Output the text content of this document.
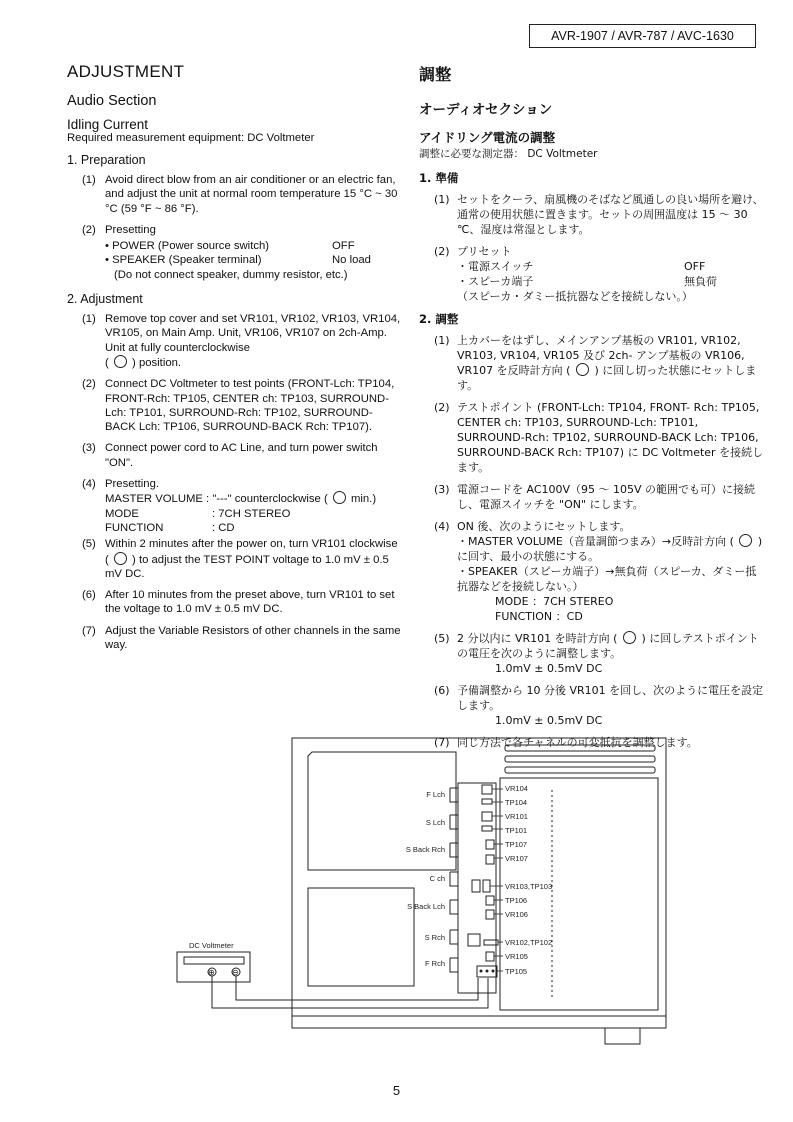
AVR-1907 / AVR-787 / AVC-1630
ADJUSTMENT
Audio Section
Idling Current
Required measurement equipment: DC Voltmeter
1. Preparation
(1) Avoid direct blow from an air conditioner or an electric fan, and adjust the unit at normal room temperature 15 °C ~ 30 °C (59 °F ~ 86 °F).
(2) Presetting
• POWER (Power source switch)	OFF
• SPEAKER (Speaker terminal)	No load
(Do not connect speaker, dummy resistor, etc.)
2. Adjustment
(1) Remove top cover and set VR101, VR102, VR103, VR104, VR105, on Main Amp. Unit, VR106, VR107 on 2ch-Amp. Unit at fully counterclockwise
(  ) position.
(2) Connect DC Voltmeter to test points (FRONT-Lch: TP104, FRONT-Rch: TP105, CENTER ch: TP103, SURROUND-Lch: TP101, SURROUND-Rch: TP102, SURROUND-BACK Lch: TP106, SURROUND-BACK Rch: TP107).
(3) Connect power cord to AC Line, and turn power switch "ON".
(4) Presetting.
MASTER VOLUME : "---" counterclockwise ( min.)
MODE	: 7CH STEREO
FUNCTION	: CD
(5) Within 2 minutes after the power on, turn VR101 clockwise ( ) to adjust the TEST POINT voltage to 1.0 mV ± 0.5 mV DC.
(6) After 10 minutes from the preset above, turn VR101 to set the voltage to 1.0 mV ± 0.5 mV DC.
(7) Adjust the Variable Resistors of other channels in the same way.
調整
オーディオセクション
アイドリング電流の調整
調整に必要な測定器： DC Voltmeter
1. 準備
(1) セットをクーラ、扇風機のそばなど風通しの良い場所を避け、通常の使用状態に置きます。セットの周囲温度は 15 ～ 30 ℃、湿度は常湿とします。
(2) プリセット
・電源スイッチ	OFF
・スピーカ端子	無負荷
（スピーカ・ダミー抵抗器などを接続しない。）
2. 調整
(1) 上カバーをはずし、メインアンプ基板の VR101, VR102, VR103, VR104, VR105 及び 2ch- アンプ基板の VR106, VR107 を反時計方向 ( ) に回し切った状態にセットします。
(2) テストポイント (FRONT-Lch: TP104, FRONT- Rch: TP105, CENTER ch: TP103, SURROUND-Lch: TP101, SURROUND-Rch: TP102, SURROUND-BACK Lch: TP106, SURROUND-BACK Rch: TP107) に DC Voltmeter を接続します。
(3) 電源コードを AC100V（95 ～ 105V の範囲でも可）に接続し、電源スイッチを "ON" にします。
(4) ON 後、次のようにセットします。
・MASTER VOLUME（音量調節つまみ）→反時計方向 ( ) に回す、最小の状態にする。
・SPEAKER（スピーカ端子）→無負荷（スピーカ、ダミー抵抗器などを接続しない。）
MODE ：7CH STEREO
FUNCTION ：CD
(5) 2 分以内に VR101 を時計方向 ( ) に回しテストポイントの電圧を次のように調整します。
1.0mV ± 0.5mV DC
(6) 予備調整から 10 分後 VR101 を回し、次のように電圧を設定します。
1.0mV ± 0.5mV DC
(7) 同じ方法で各チャネルの可変抵抗を調整します。
DC Voltmeter
⊕ ⊖
F Lch
S Lch
S Back Rch
C ch
S Back Lch
S Rch
F Rch
VR104
TP104
VR101
TP101
TP107
VR107
VR103,TP103
TP106
VR106
VR102,TP102
VR105
TP105
5
